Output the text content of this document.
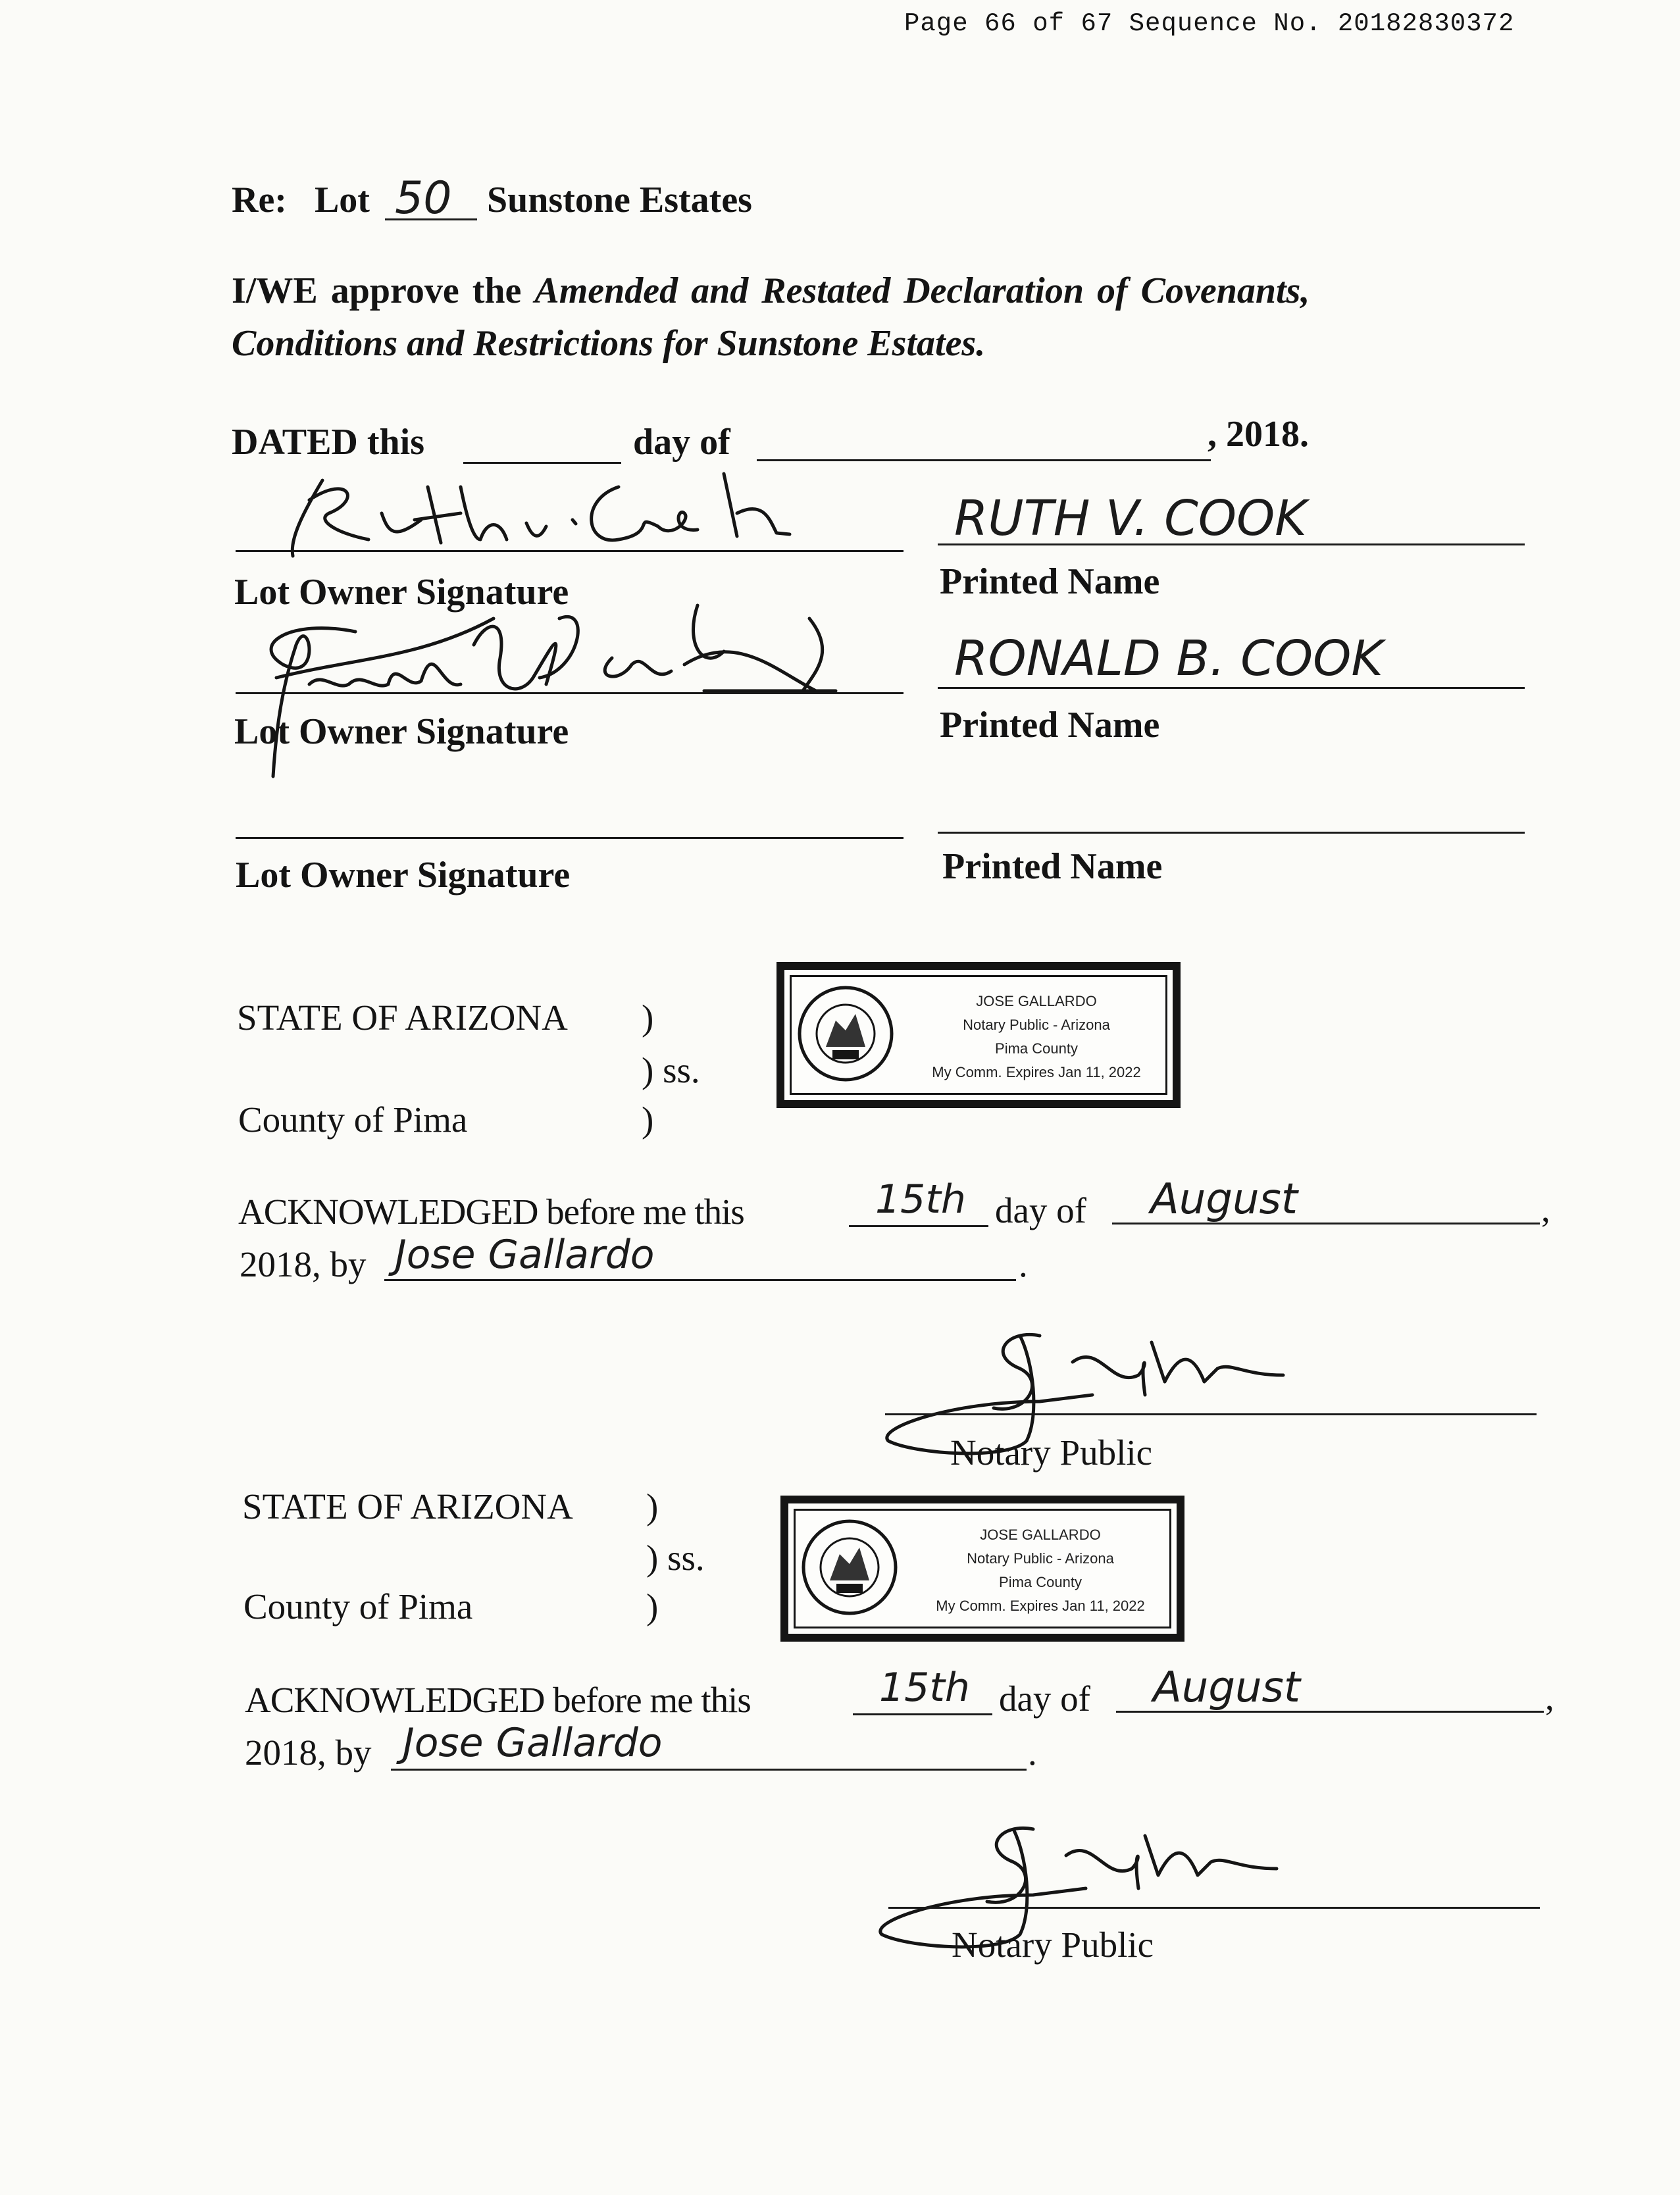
Page 66 of 67 Sequence No. 20182830372
Re: Lot 50 Sunstone Estates
I/WE approve the Amended and Restated Declaration of Covenants,
Conditions and Restrictions for Sunstone Estates.
DATED this	day of	, 2018.
RUTH V. COOK
Lot Owner Signature	Printed Name
RONALD B. COOK
Lot Owner Signature	Printed Name
Lot Owner Signature	Printed Name
STATE OF ARIZONA )
) ss.
County of Pima	)
JOSE GALLARDO
Notary Public - Arizona
Pima County
My Comm. Expires Jan 11, 2022
ACKNOWLEDGED before me this	15th day of August	,
2018, by Jose Gallardo	.
Notary Public
STATE OF ARIZONA )
) ss.
County of Pima	)
JOSE GALLARDO
Notary Public - Arizona
Pima County
My Comm. Expires Jan 11, 2022
ACKNOWLEDGED before me this	15th day of August	,
2018, by Jose Gallardo	.
Notary Public
